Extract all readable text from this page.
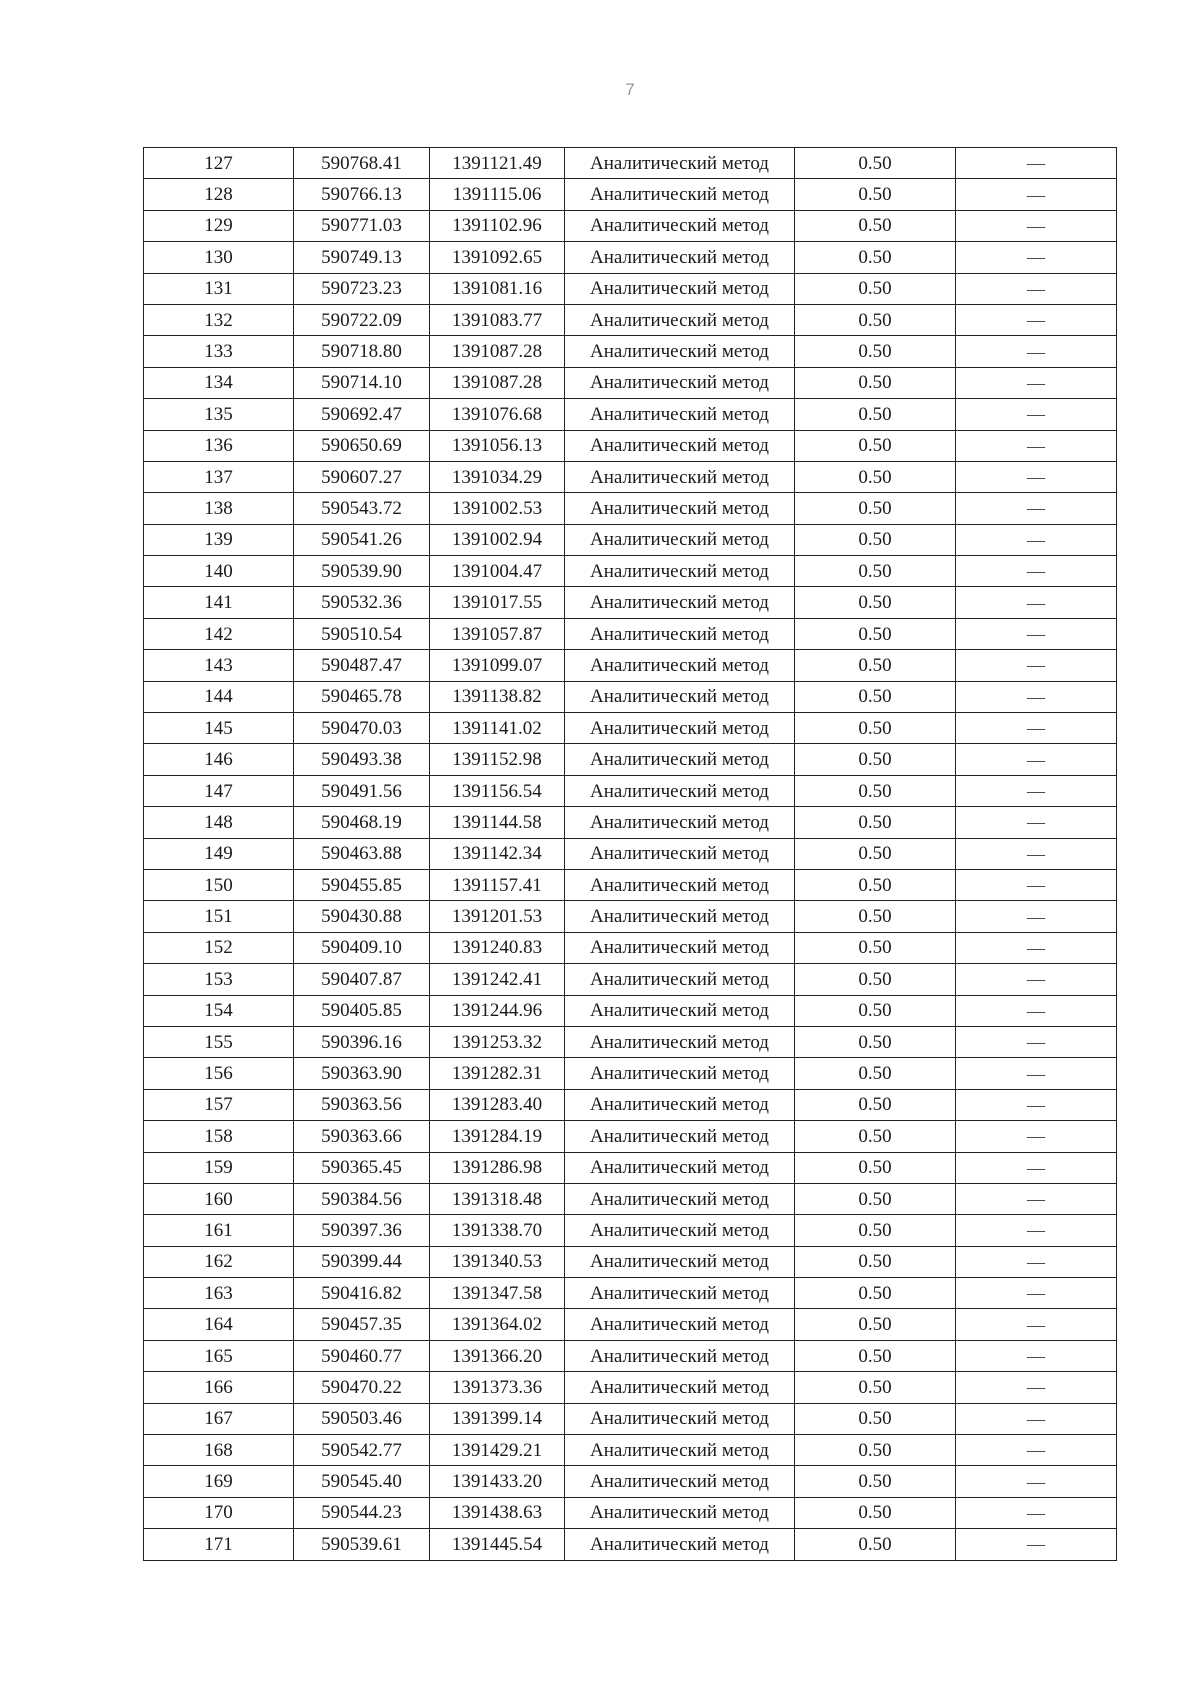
7
127	590768.41	1391121.49	Аналитический метод	0.50	—
128	590766.13	1391115.06	Аналитический метод	0.50	—
129	590771.03	1391102.96	Аналитический метод	0.50	—
130	590749.13	1391092.65	Аналитический метод	0.50	—
131	590723.23	1391081.16	Аналитический метод	0.50	—
132	590722.09	1391083.77	Аналитический метод	0.50	—
133	590718.80	1391087.28	Аналитический метод	0.50	—
134	590714.10	1391087.28	Аналитический метод	0.50	—
135	590692.47	1391076.68	Аналитический метод	0.50	—
136	590650.69	1391056.13	Аналитический метод	0.50	—
137	590607.27	1391034.29	Аналитический метод	0.50	—
138	590543.72	1391002.53	Аналитический метод	0.50	—
139	590541.26	1391002.94	Аналитический метод	0.50	—
140	590539.90	1391004.47	Аналитический метод	0.50	—
141	590532.36	1391017.55	Аналитический метод	0.50	—
142	590510.54	1391057.87	Аналитический метод	0.50	—
143	590487.47	1391099.07	Аналитический метод	0.50	—
144	590465.78	1391138.82	Аналитический метод	0.50	—
145	590470.03	1391141.02	Аналитический метод	0.50	—
146	590493.38	1391152.98	Аналитический метод	0.50	—
147	590491.56	1391156.54	Аналитический метод	0.50	—
148	590468.19	1391144.58	Аналитический метод	0.50	—
149	590463.88	1391142.34	Аналитический метод	0.50	—
150	590455.85	1391157.41	Аналитический метод	0.50	—
151	590430.88	1391201.53	Аналитический метод	0.50	—
152	590409.10	1391240.83	Аналитический метод	0.50	—
153	590407.87	1391242.41	Аналитический метод	0.50	—
154	590405.85	1391244.96	Аналитический метод	0.50	—
155	590396.16	1391253.32	Аналитический метод	0.50	—
156	590363.90	1391282.31	Аналитический метод	0.50	—
157	590363.56	1391283.40	Аналитический метод	0.50	—
158	590363.66	1391284.19	Аналитический метод	0.50	—
159	590365.45	1391286.98	Аналитический метод	0.50	—
160	590384.56	1391318.48	Аналитический метод	0.50	—
161	590397.36	1391338.70	Аналитический метод	0.50	—
162	590399.44	1391340.53	Аналитический метод	0.50	—
163	590416.82	1391347.58	Аналитический метод	0.50	—
164	590457.35	1391364.02	Аналитический метод	0.50	—
165	590460.77	1391366.20	Аналитический метод	0.50	—
166	590470.22	1391373.36	Аналитический метод	0.50	—
167	590503.46	1391399.14	Аналитический метод	0.50	—
168	590542.77	1391429.21	Аналитический метод	0.50	—
169	590545.40	1391433.20	Аналитический метод	0.50	—
170	590544.23	1391438.63	Аналитический метод	0.50	—
171	590539.61	1391445.54	Аналитический метод	0.50	—
